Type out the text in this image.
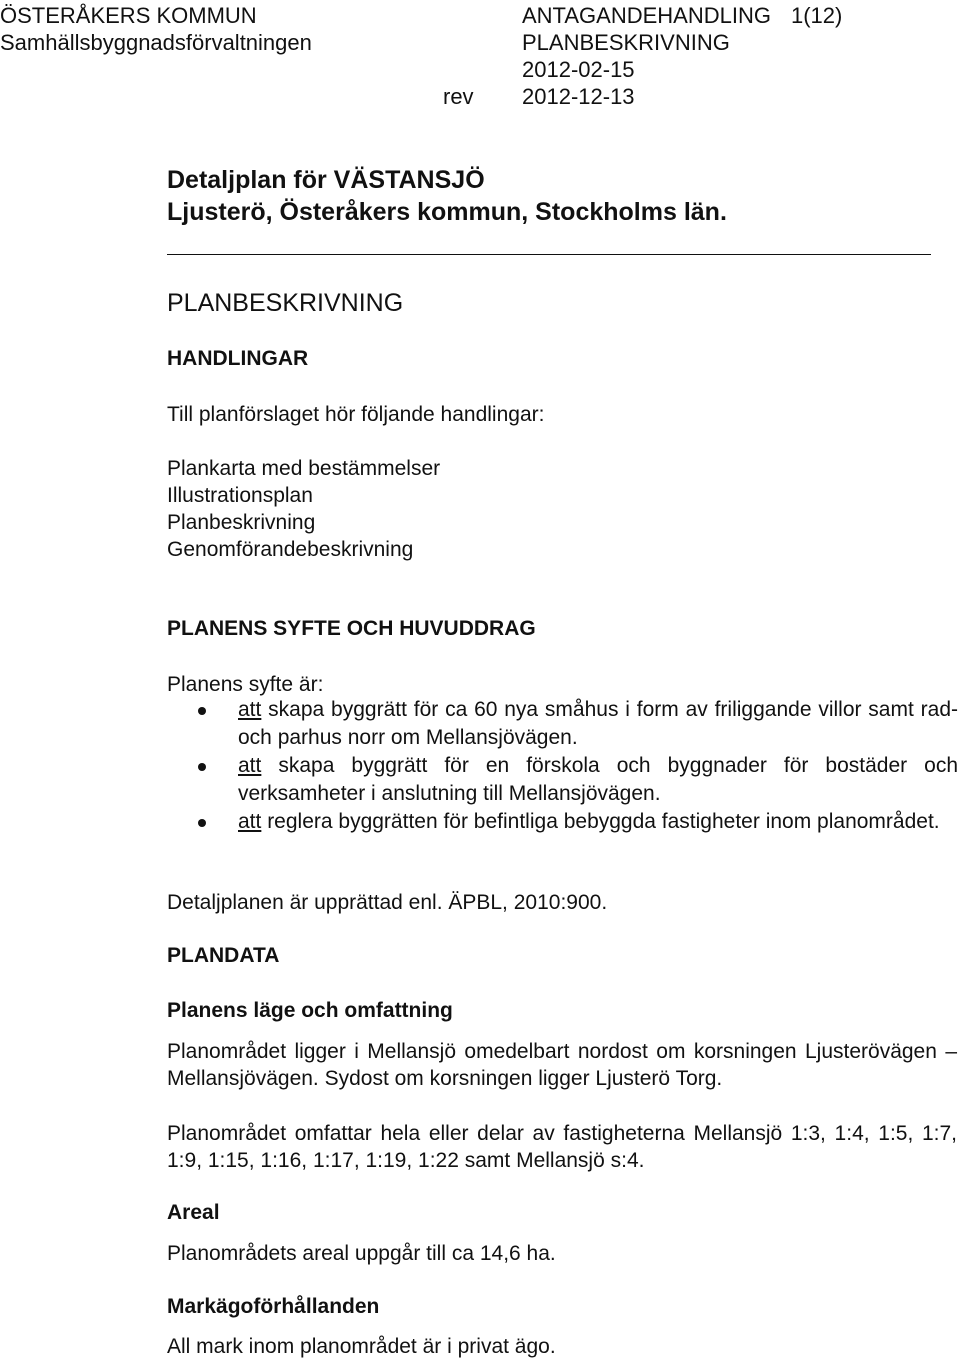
ÖSTERÅKERS KOMMUN
Samhällsbyggnadsförvaltningen
ANTAGANDEHANDLING 1(12)
PLANBESKRIVNING
2012-02-15
rev 2012-12-13
Detaljplan för VÄSTANSJÖ
Ljusterö, Österåkers kommun, Stockholms län.
PLANBESKRIVNING
HANDLINGAR
Till planförslaget hör följande handlingar:
Plankarta med bestämmelser
Illustrationsplan
Planbeskrivning
Genomförandebeskrivning
PLANENS SYFTE OCH HUVUDDRAG
Planens syfte är:
att skapa byggrätt för ca 60 nya småhus i form av friliggande villor samt rad- och parhus norr om Mellansjövägen.
att skapa byggrätt för en förskola och byggnader för bostäder och verksamheter i anslutning till Mellansjövägen.
att reglera byggrätten för befintliga bebyggda fastigheter inom planområdet.
Detaljplanen är upprättad enl. ÄPBL, 2010:900.
PLANDATA
Planens läge och omfattning
Planområdet ligger i Mellansjö omedelbart nordost om korsningen Ljusterövägen – Mellansjövägen. Sydost om korsningen ligger Ljusterö Torg.
Planområdet omfattar hela eller delar av fastigheterna Mellansjö 1:3, 1:4, 1:5, 1:7, 1:9, 1:15, 1:16, 1:17, 1:19, 1:22 samt Mellansjö s:4.
Areal
Planområdets areal uppgår till ca 14,6 ha.
Markägoförhållanden
All mark inom planområdet är i privat ägo.
